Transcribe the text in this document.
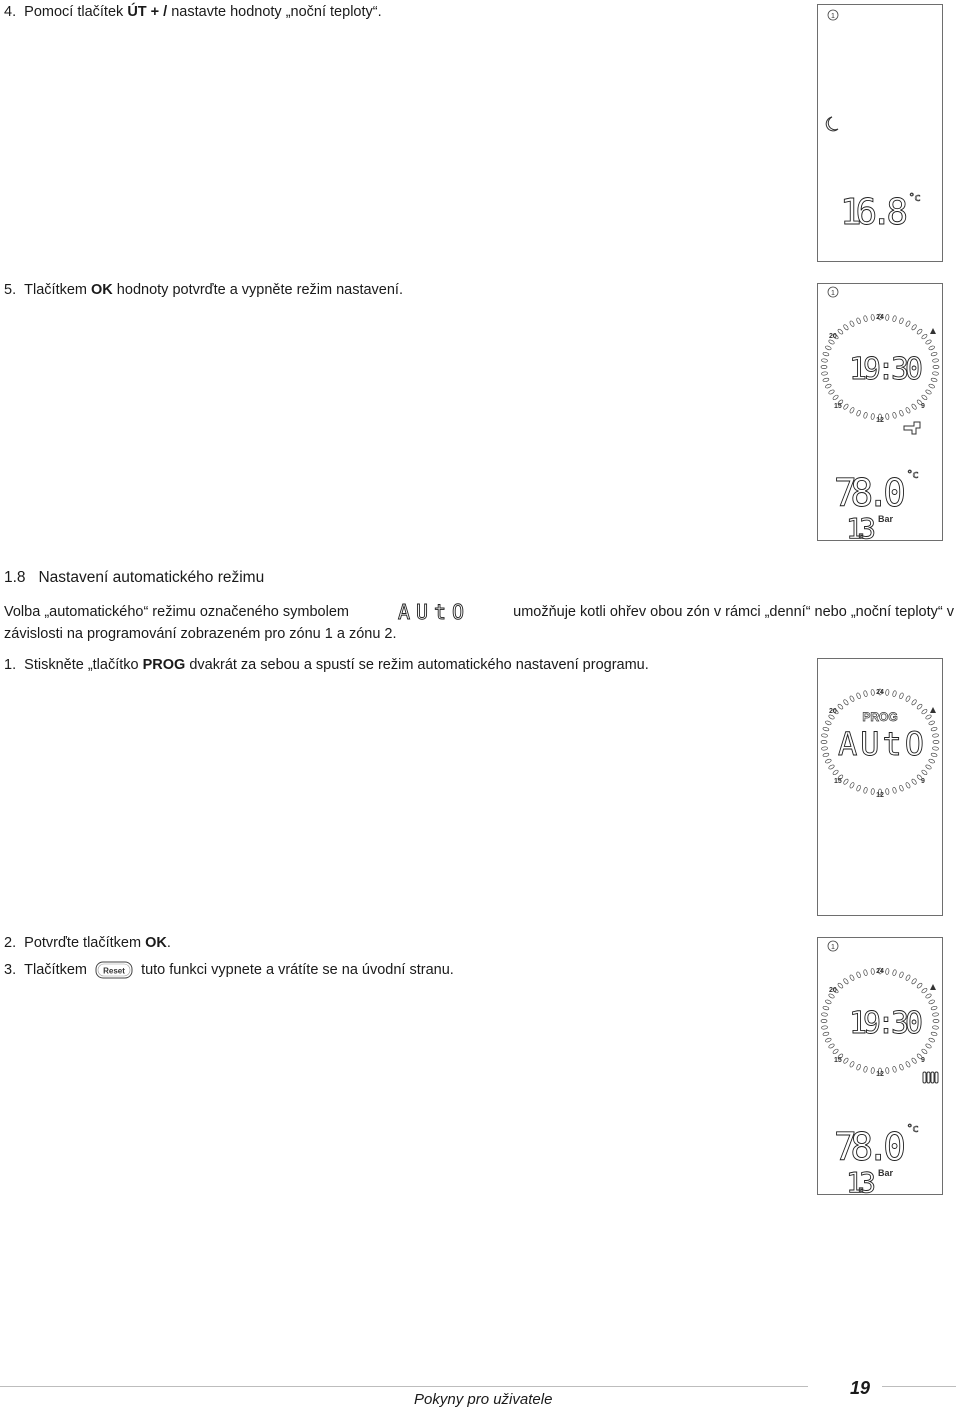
4. Pomocí tlačítek ÚT + / nastavte hodnoty „noční teploty“.
5. Tlačítkem OK hodnoty potvrďte a vypněte režim nastavení.
1.8 Nastavení automatického režimu
Volba „automatického“ režimu označeného symbolem AUtO	umožňuje kotli ohřev obou zón v rámci „denní“ nebo „noční teploty“ v
závislosti na programování zobrazeném pro zónu 1 a zónu 2.
1. Stiskněte „tlačítko PROG dvakrát za sebou a spustí se režim automatického nastavení programu.
2. Potvrďte tlačítkem OK.
3. Tlačítkem Reset tuto funkci vypnete a vrátíte se na úvodní stranu.
1
16.8 °c
1
24
20
9
12
15
19:30
78.0 °c
1.3 Bar
24
20
9
12
15
PROG
AUtO
1
24
20
9
12
15
19:30
78.0 °c
1.3 Bar
Pokyny pro uživatele
19
